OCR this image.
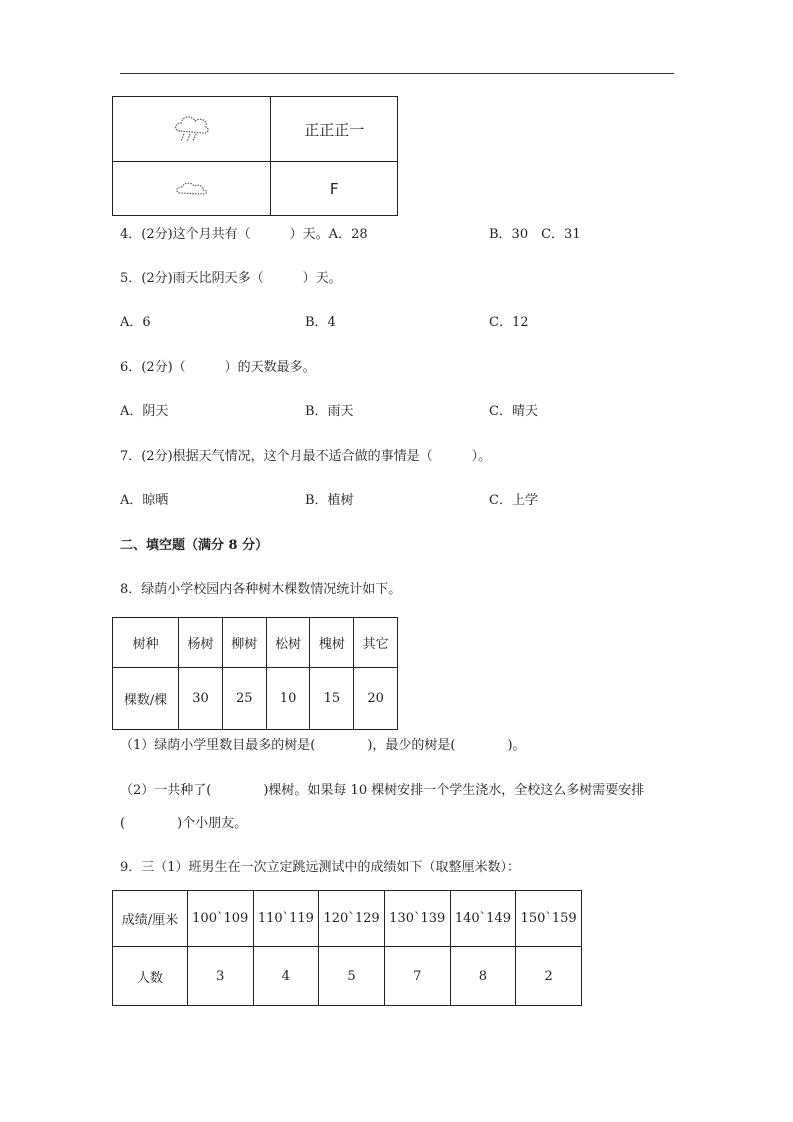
	正正正一

	F
4．(2分)这个月共有（　　　）天。A．28	B．30　C．31
5．(2分)雨天比阴天多（　　　）天。
A．6	B．4	C．12
6．(2分)（　　　）的天数最多。
A．阴天	B．雨天	C．晴天
7．(2分)根据天气情况，这个月最不适合做的事情是（　　　）。
A．晾晒	B．植树	C．上学
二、填空题（满分 8 分）
8．绿荫小学校园内各种树木棵数情况统计如下。
树种	杨树	柳树	松树	槐树	其它
棵数/棵	30	25	10	15	20
（1）绿荫小学里数目最多的树是(　　　　)，最少的树是(　　　　)。
（2）一共种了(　　　　)棵树。如果每 10 棵树安排一个学生浇水，全校这么多树需要安排
(　　　　)个小朋友。
9．三（1）班男生在一次立定跳远测试中的成绩如下（取整厘米数）：
成绩/厘米	100`109	110`119	120`129	130`139	140`149	150`159
人数	3	4	5	7	8	2
